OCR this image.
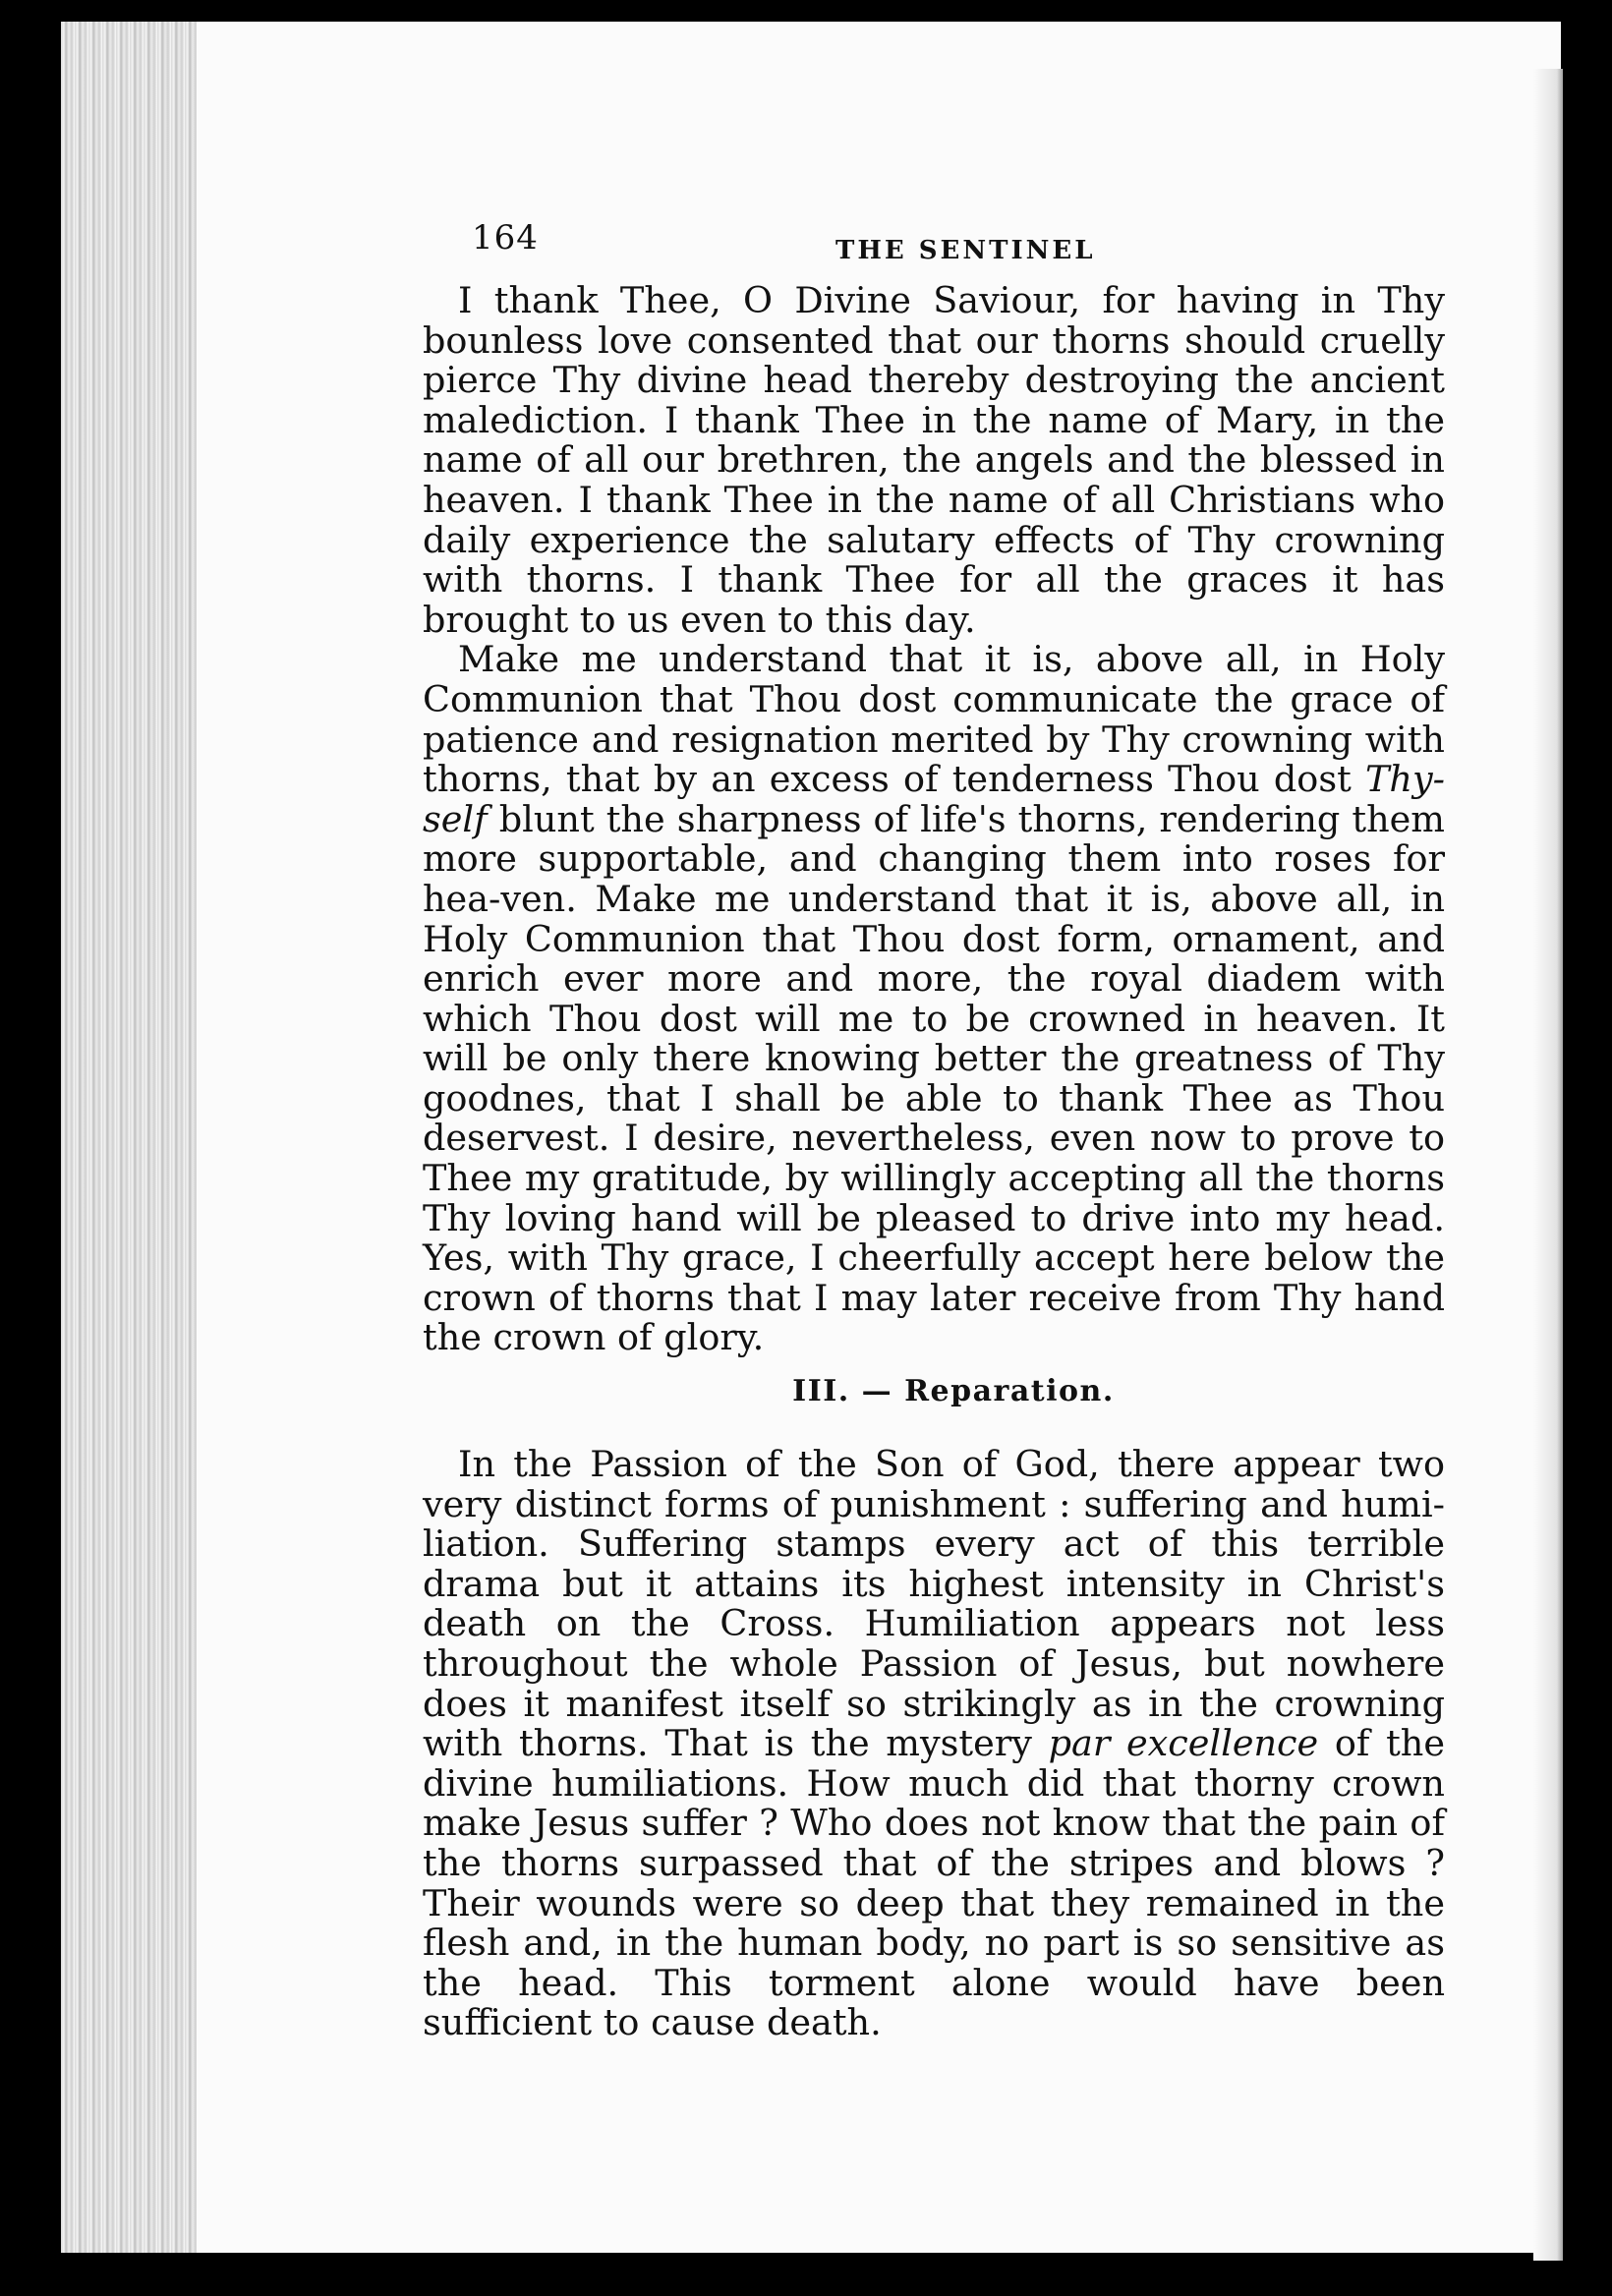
164	THE SENTINEL

I thank Thee, O Divine Saviour, for having in Thy bounless love consented that our thorns should cruelly pierce Thy divine head thereby destroying the ancient malediction. I thank Thee in the name of Mary, in the name of all our brethren, the angels and the blessed in heaven. I thank Thee in the name of all Christians who daily experience the salutary effects of Thy crowning with thorns. I thank Thee for all the graces it has brought to us even to this day.

Make me understand that it is, above all, in Holy Communion that Thou dost communicate the grace of patience and resignation merited by Thy crowning with thorns, that by an excess of tenderness Thou dost Thy-self blunt the sharpness of life's thorns, rendering them more supportable, and changing them into roses for hea-ven. Make me understand that it is, above all, in Holy Communion that Thou dost form, ornament, and enrich ever more and more, the royal diadem with which Thou dost will me to be crowned in heaven. It will be only there knowing better the greatness of Thy goodnes, that I shall be able to thank Thee as Thou deservest. I desire, nevertheless, even now to prove to Thee my gratitude, by willingly accepting all the thorns Thy loving hand will be pleased to drive into my head. Yes, with Thy grace, I cheerfully accept here below the crown of thorns that I may later receive from Thy hand the crown of glory.

III. — Reparation.

In the Passion of the Son of God, there appear two very distinct forms of punishment : suffering and humi-liation. Suffering stamps every act of this terrible drama but it attains its highest intensity in Christ's death on the Cross. Humiliation appears not less throughout the whole Passion of Jesus, but nowhere does it manifest itself so strikingly as in the crowning with thorns. That is the mystery par excellence of the divine humiliations. How much did that thorny crown make Jesus suffer ? Who does not know that the pain of the thorns surpassed that of the stripes and blows ? Their wounds were so deep that they remained in the flesh and, in the human body, no part is so sensitive as the head. This torment alone would have been sufficient to cause death.
